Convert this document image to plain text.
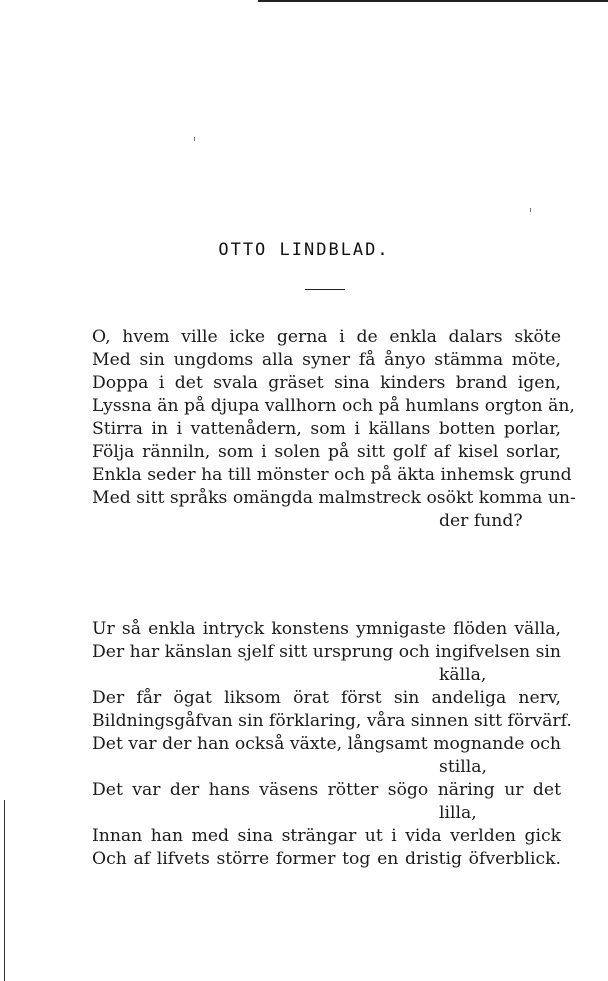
OTTO LINDBLAD.
O, hvem ville icke gerna i de enkla dalars sköte
Med sin ungdoms alla syner få ånyo stämma möte,
Doppa i det svala gräset sina kinders brand igen,
Lyssna än på djupa vallhorn och på humlans orgton än,
Stirra in i vattenådern, som i källans botten porlar,
Följa ränniln, som i solen på sitt golf af kisel sorlar,
Enkla seder ha till mönster och på äkta inhemsk grund
Med sitt språks omängda malmstreck osökt komma un-
der fund?
Ur så enkla intryck konstens ymnigaste flöden välla,
Der har känslan sjelf sitt ursprung och ingifvelsen sin
källa,
Der får ögat liksom örat först sin andeliga nerv,
Bildningsgåfvan sin förklaring, våra sinnen sitt förvärf.
Det var der han också växte, långsamt mognande och
stilla,
Det var der hans väsens rötter sögo näring ur det
lilla,
Innan han med sina strängar ut i vida verlden gick
Och af lifvets större former tog en dristig öfverblick.
